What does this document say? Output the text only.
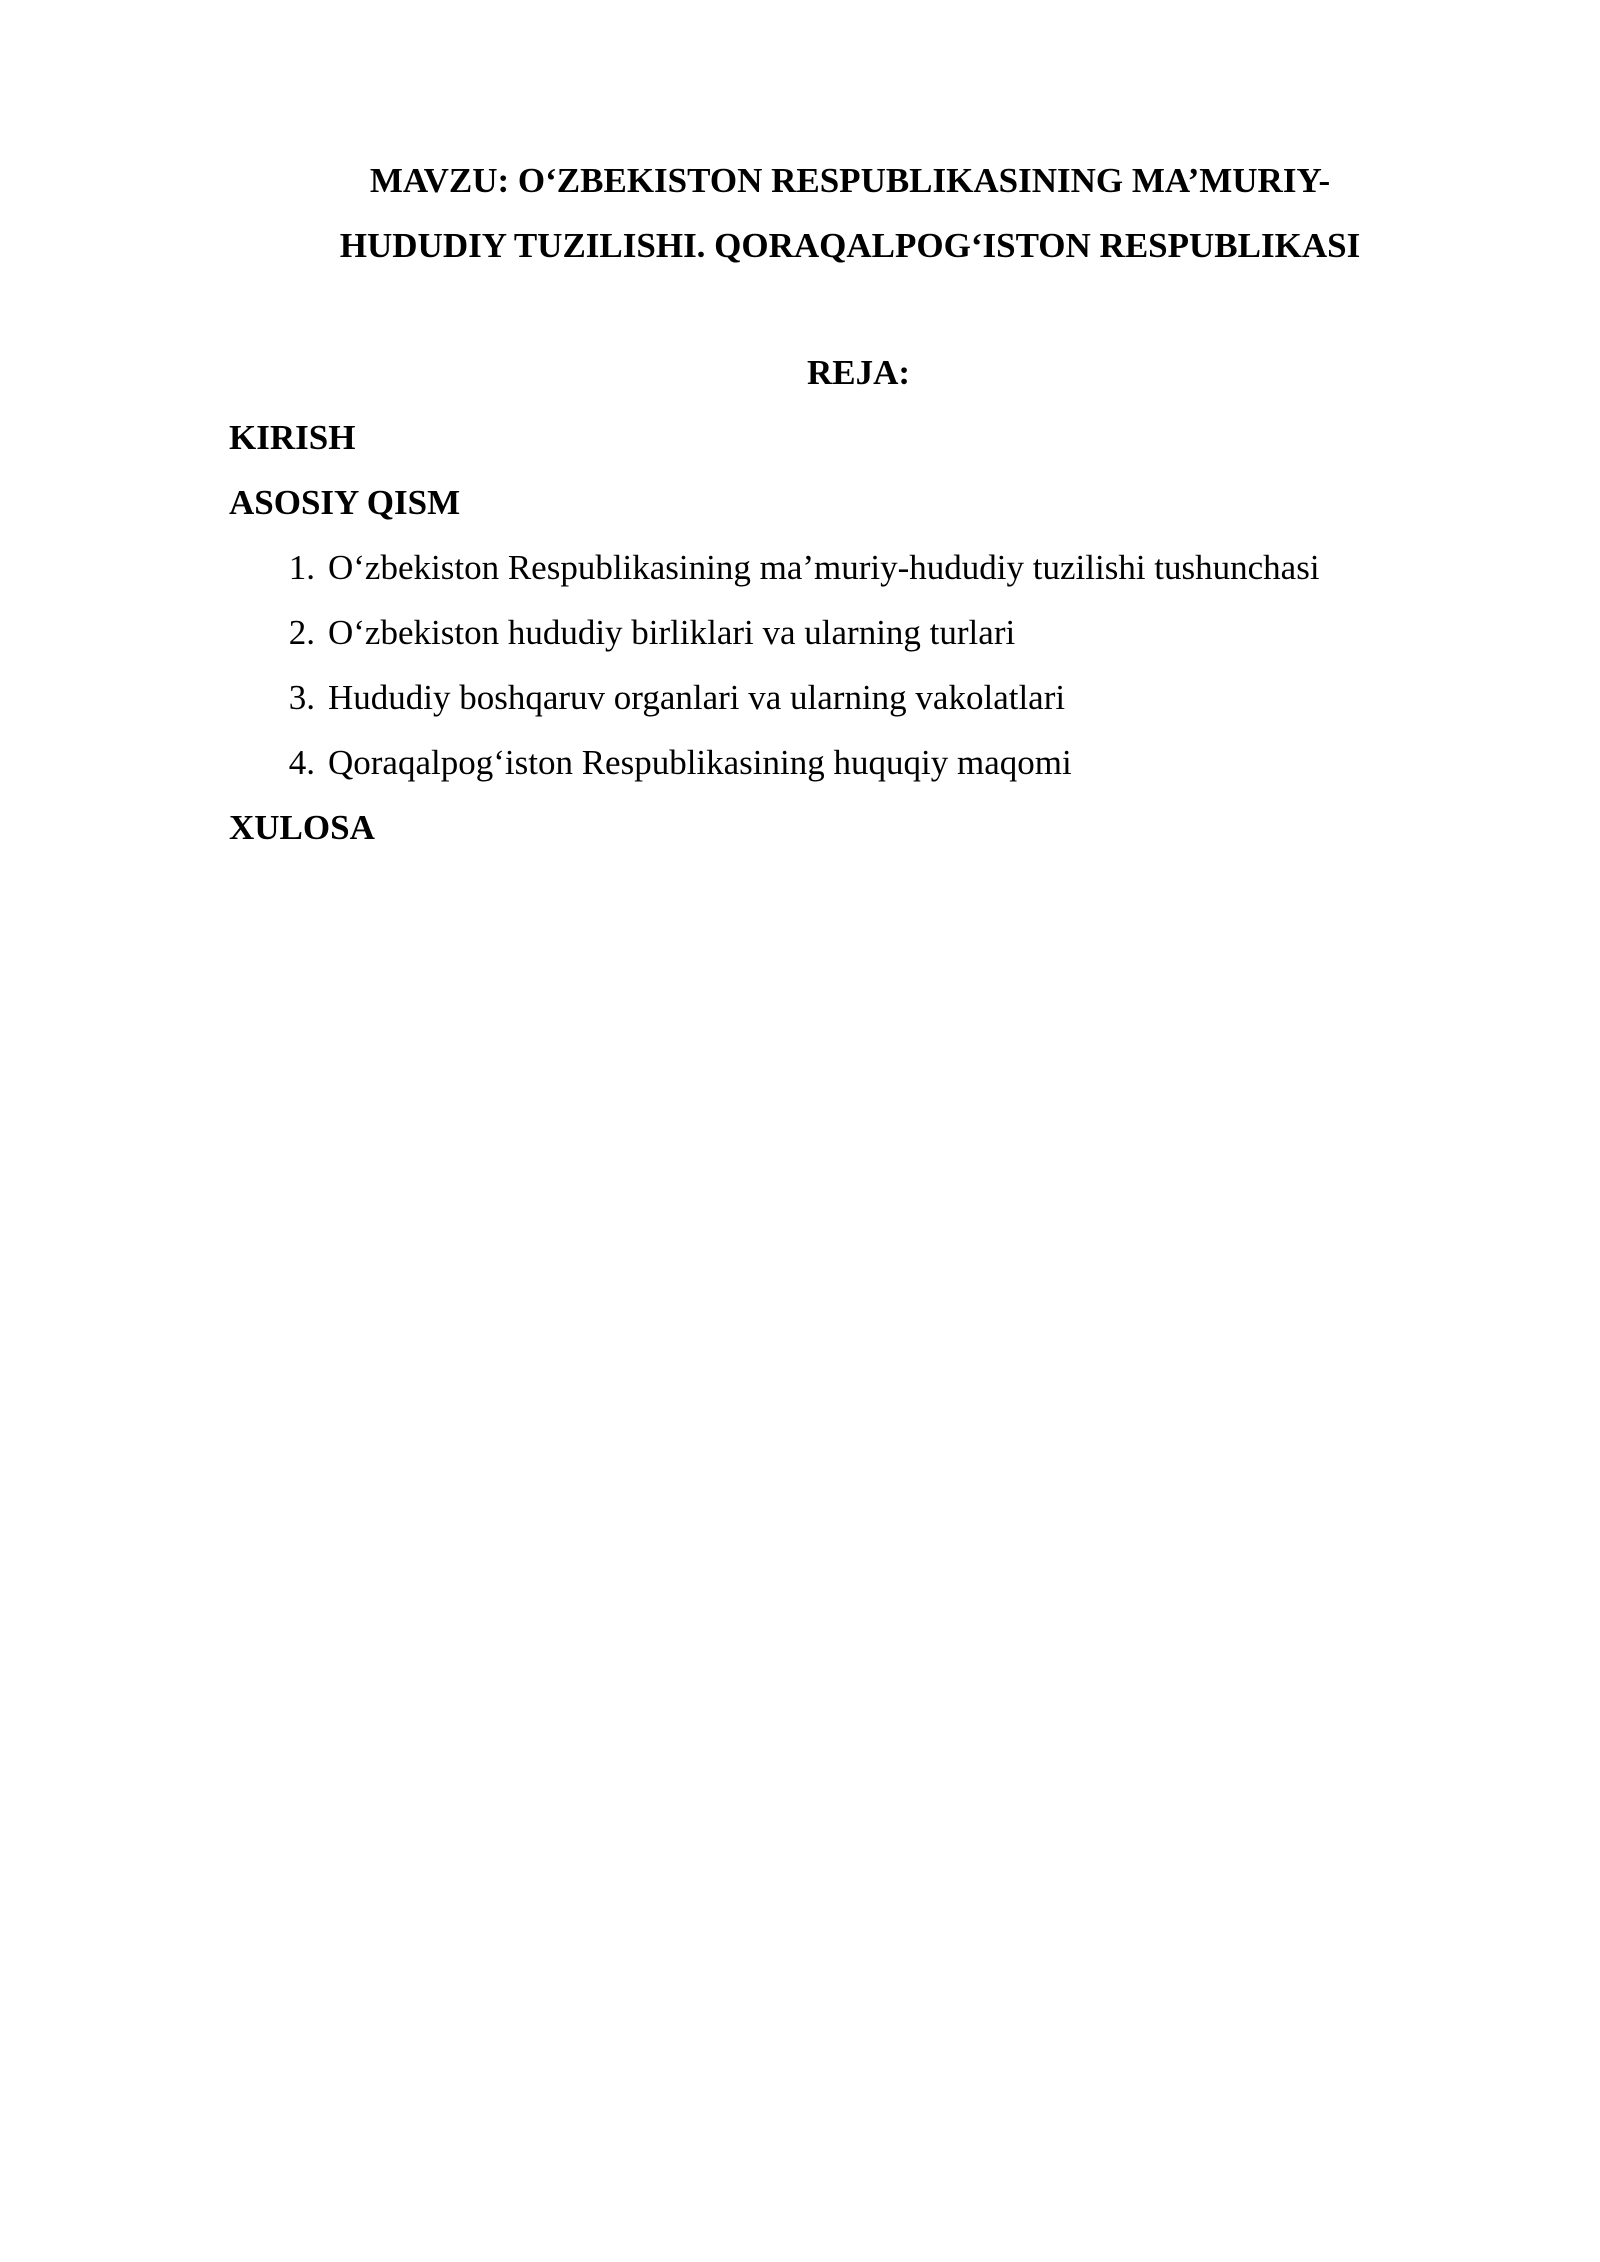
MAVZU: O‘ZBEKISTON RESPUBLIKASINING MA’MURIY-
HUDUDIY TUZILISHI. QORAQALPOG‘ISTON RESPUBLIKASI
REJA:
KIRISH
ASOSIY QISM
1. O‘zbekiston Respublikasining ma’muriy-hududiy tuzilishi tushunchasi
2. O‘zbekiston hududiy birliklari va ularning turlari
3. Hududiy boshqaruv organlari va ularning vakolatlari
4. Qoraqalpog‘iston Respublikasining huquqiy maqomi
XULOSA
